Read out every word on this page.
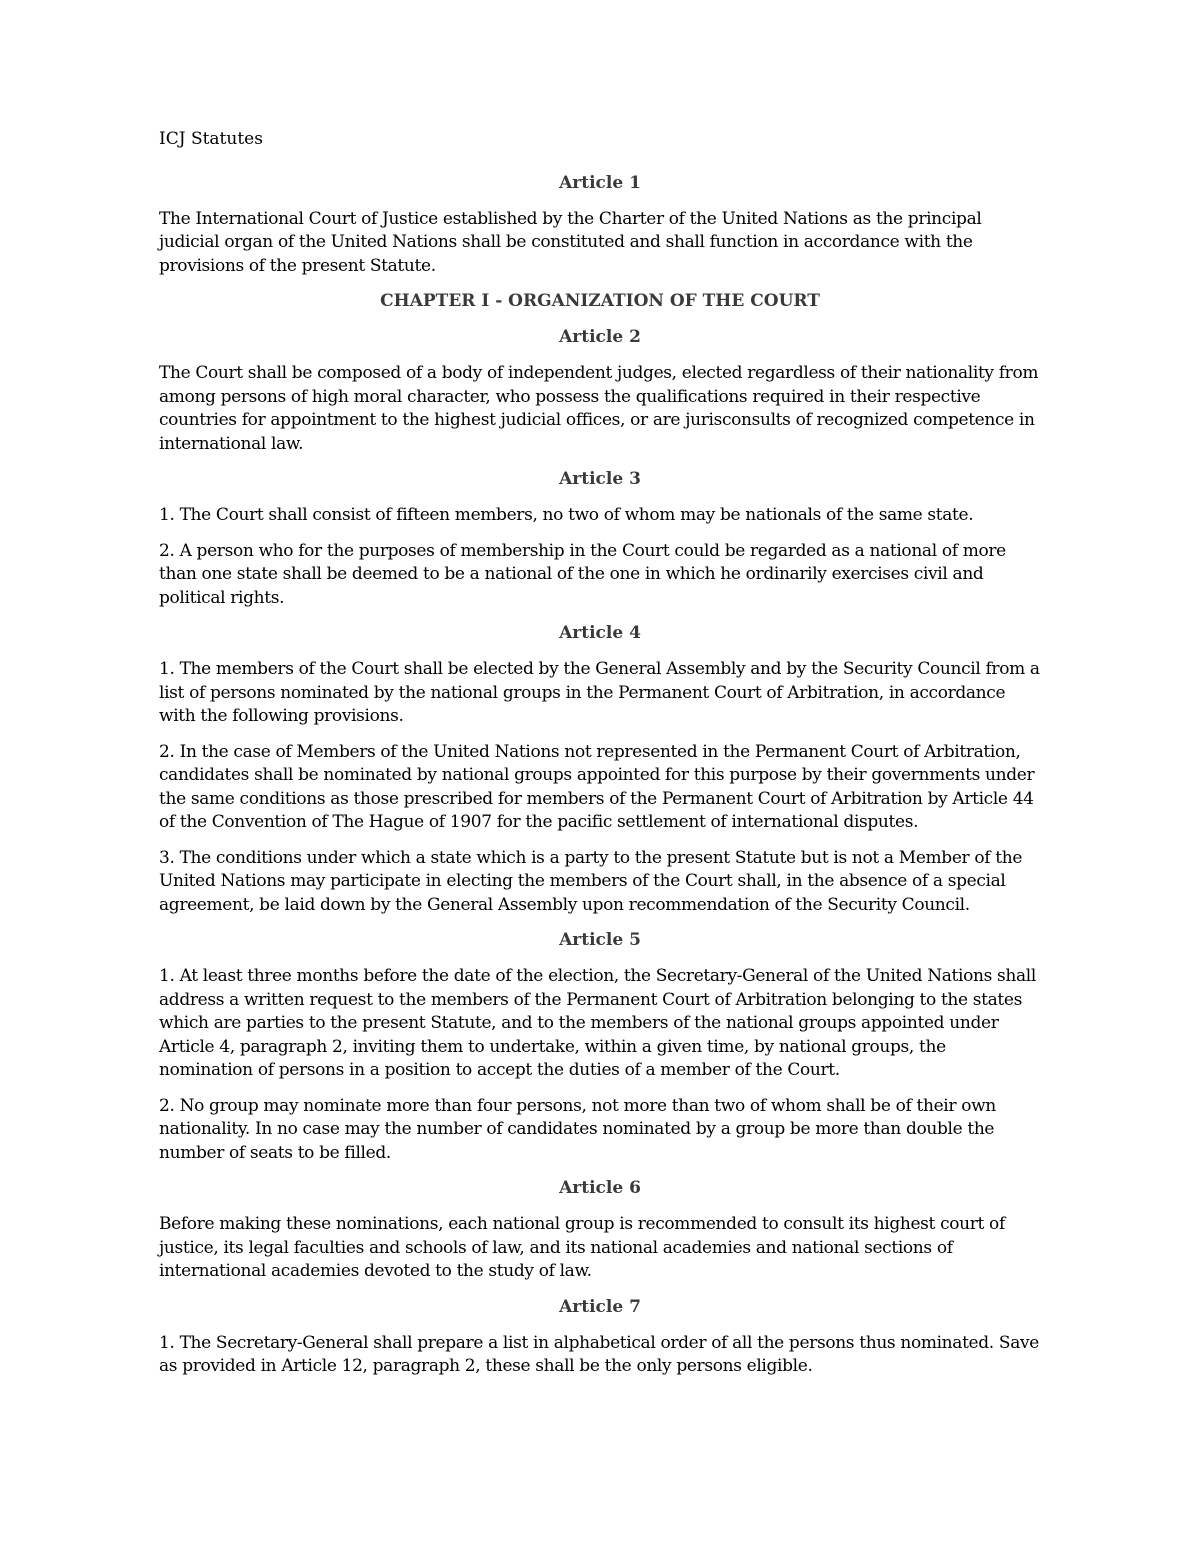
ICJ Statutes
Article 1
The International Court of Justice established by the Charter of the United Nations as the principal judicial organ of the United Nations shall be constituted and shall function in accordance with the provisions of the present Statute.
CHAPTER I - ORGANIZATION OF THE COURT
Article 2
The Court shall be composed of a body of independent judges, elected regardless of their nationality from among persons of high moral character, who possess the qualifications required in their respective countries for appointment to the highest judicial offices, or are jurisconsults of recognized competence in international law.
Article 3
1. The Court shall consist of fifteen members, no two of whom may be nationals of the same state.
2. A person who for the purposes of membership in the Court could be regarded as a national of more than one state shall be deemed to be a national of the one in which he ordinarily exercises civil and political rights.
Article 4
1. The members of the Court shall be elected by the General Assembly and by the Security Council from a list of persons nominated by the national groups in the Permanent Court of Arbitration, in accordance with the following provisions.
2. In the case of Members of the United Nations not represented in the Permanent Court of Arbitration, candidates shall be nominated by national groups appointed for this purpose by their governments under the same conditions as those prescribed for members of the Permanent Court of Arbitration by Article 44 of the Convention of The Hague of 1907 for the pacific settlement of international disputes.
3. The conditions under which a state which is a party to the present Statute but is not a Member of the United Nations may participate in electing the members of the Court shall, in the absence of a special agreement, be laid down by the General Assembly upon recommendation of the Security Council.
Article 5
1. At least three months before the date of the election, the Secretary-General of the United Nations shall address a written request to the members of the Permanent Court of Arbitration belonging to the states which are parties to the present Statute, and to the members of the national groups appointed under Article 4, paragraph 2, inviting them to undertake, within a given time, by national groups, the nomination of persons in a position to accept the duties of a member of the Court.
2. No group may nominate more than four persons, not more than two of whom shall be of their own nationality. In no case may the number of candidates nominated by a group be more than double the number of seats to be filled.
Article 6
Before making these nominations, each national group is recommended to consult its highest court of justice, its legal faculties and schools of law, and its national academies and national sections of international academies devoted to the study of law.
Article 7
1. The Secretary-General shall prepare a list in alphabetical order of all the persons thus nominated. Save as provided in Article 12, paragraph 2, these shall be the only persons eligible.
